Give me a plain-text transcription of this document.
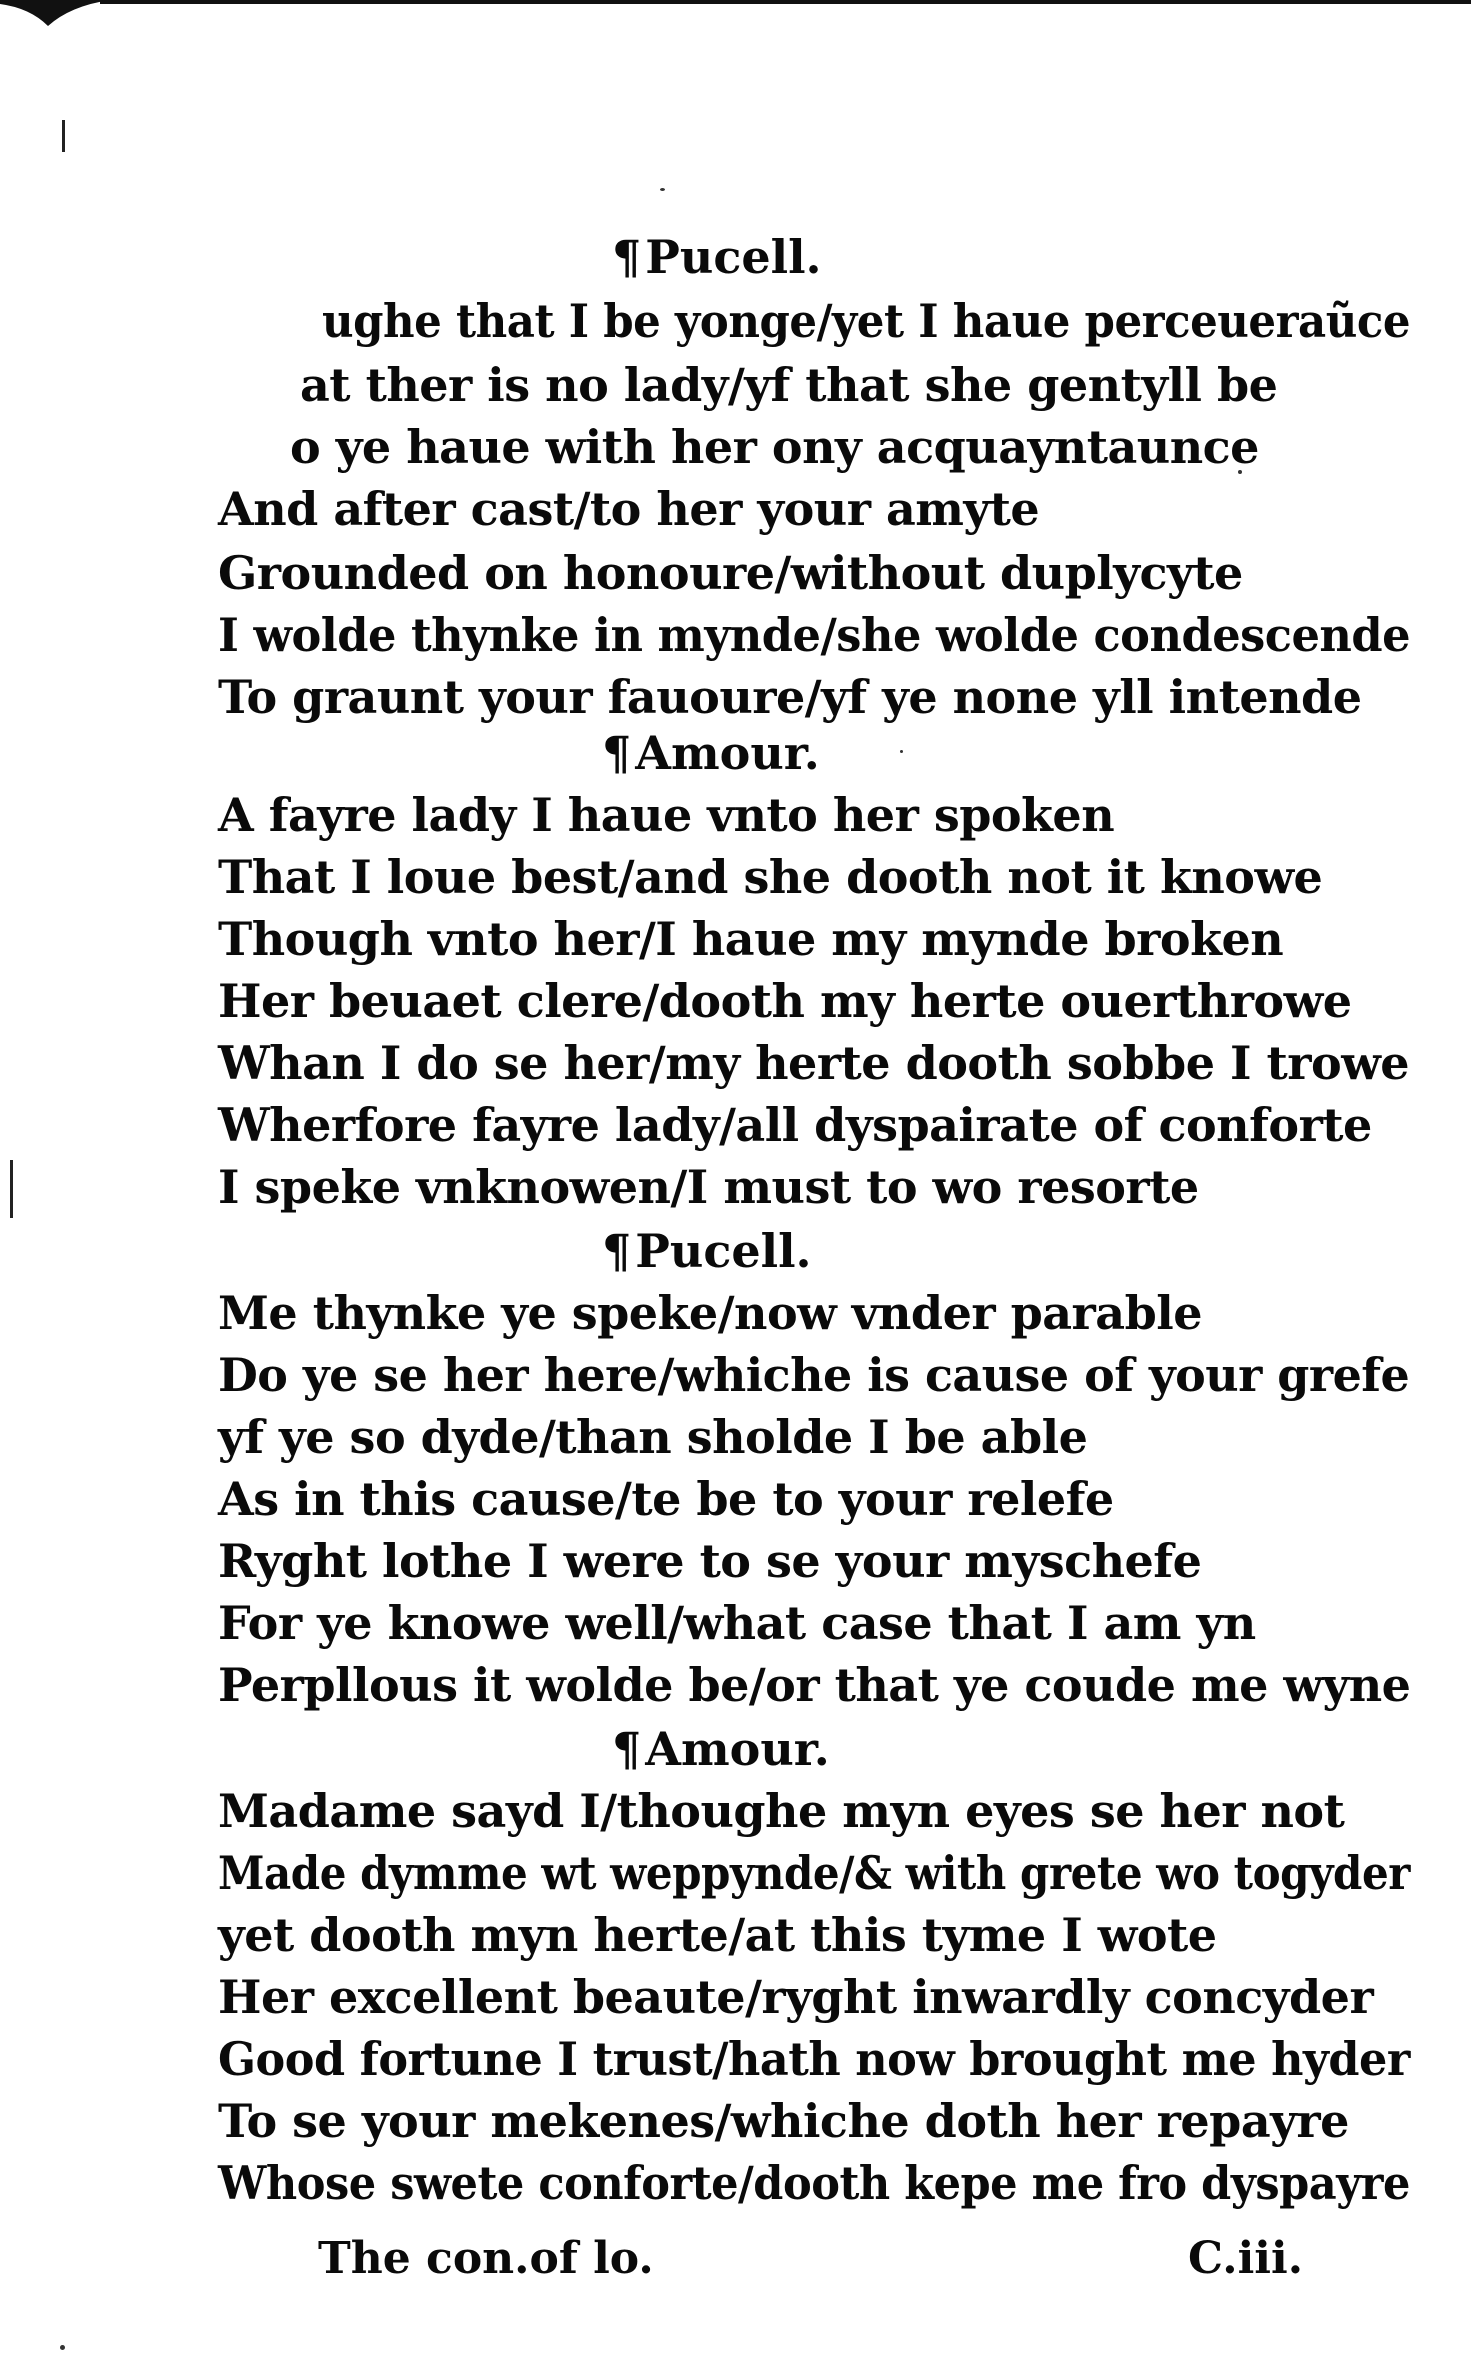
¶Pucell.
ughe that I be yonge/yet I haue perceueraũce
at ther is no lady/yf that she gentyll be
o ye haue with her ony acquayntaunce
And after cast/to her your amyte
Grounded on honoure/without duplycyte
I wolde thynke in mynde/she wolde condescende
To graunt your fauoure/yf ye none yll intende
¶Amour.
A fayre lady I haue vnto her spoken
That I loue best/and she dooth not it knowe
Though vnto her/I haue my mynde broken
Her beuaet clere/dooth my herte ouerthrowe
Whan I do se her/my herte dooth sobbe I trowe
Wherfore fayre lady/all dyspairate of conforte
I speke vnknowen/I must to wo resorte
¶Pucell.
Me thynke ye speke/now vnder parable
Do ye se her here/whiche is cause of your grefe
yf ye so dyde/than sholde I be able
As in this cause/te be to your relefe
Ryght lothe I were to se your myschefe
For ye knowe well/what case that I am yn
Perpllous it wolde be/or that ye coude me wyne
¶Amour.
Madame sayd I/thoughe myn eyes se her not
Made dymme wt weppynde/& with grete wo togyder
yet dooth myn herte/at this tyme I wote
Her excellent beaute/ryght inwardly concyder
Good fortune I trust/hath now brought me hyder
To se your mekenes/whiche doth her repayre
Whose swete conforte/dooth kepe me fro dyspayre
The con.of lo.	C.iii.
